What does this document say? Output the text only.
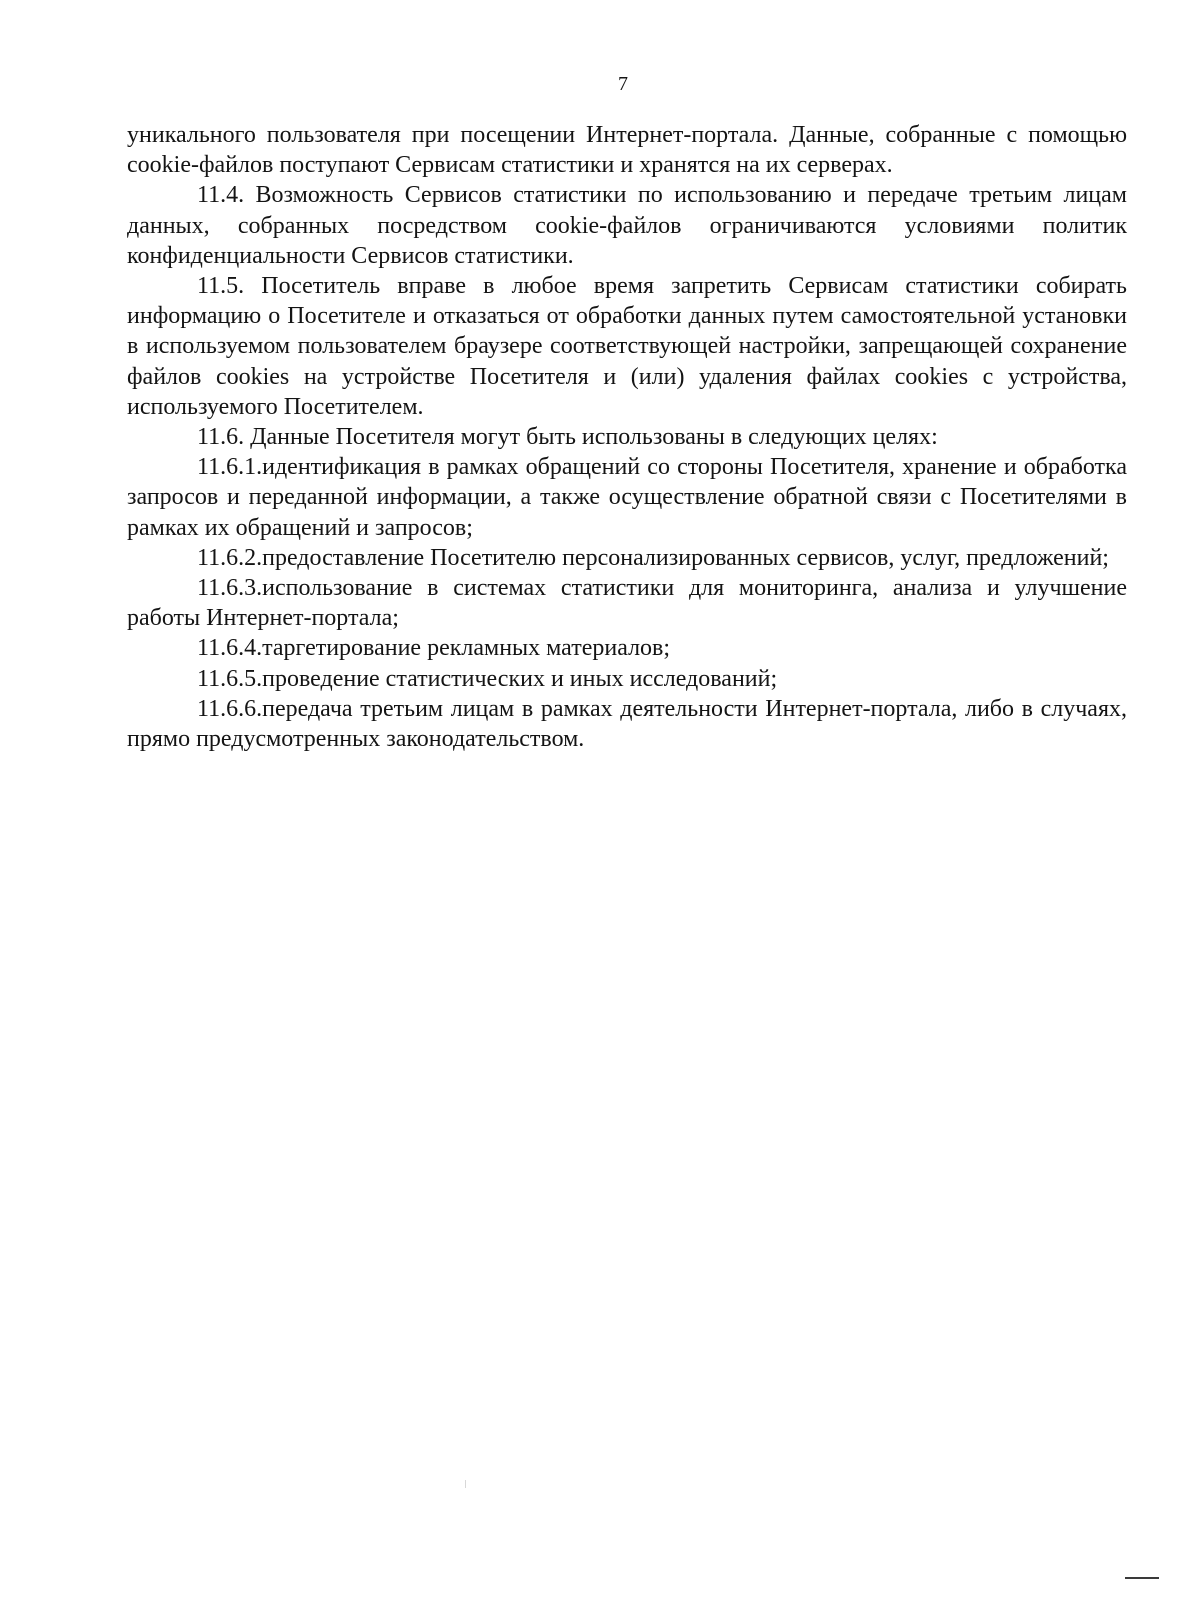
7

уникального пользователя при посещении Интернет-портала. Данные, собранные с помощью cookie-файлов поступают Сервисам статистики и хранятся на их серверах.

11.4. Возможность Сервисов статистики по использованию и передаче третьим лицам данных, собранных посредством cookie-файлов ограничиваются условиями политик конфиденциальности Сервисов статистики.

11.5. Посетитель вправе в любое время запретить Сервисам статистики собирать информацию о Посетителе и отказаться от обработки данных путем самостоятельной установки в используемом пользователем браузере соответствующей настройки, запрещающей сохранение файлов cookies на устройстве Посетителя и (или) удаления файлах cookies с устройства, используемого Посетителем.

11.6. Данные Посетителя могут быть использованы в следующих целях:

11.6.1.идентификация в рамках обращений со стороны Посетителя, хранение и обработка запросов и переданной информации, а также осуществление обратной связи с Посетителями в рамках их обращений и запросов;

11.6.2.предоставление Посетителю персонализированных сервисов, услуг, предложений;

11.6.3.использование в системах статистики для мониторинга, анализа и улучшение работы Интернет-портала;

11.6.4.таргетирование рекламных материалов;

11.6.5.проведение статистических и иных исследований;

11.6.6.передача третьим лицам в рамках деятельности Интернет-портала, либо в случаях, прямо предусмотренных законодательством.
